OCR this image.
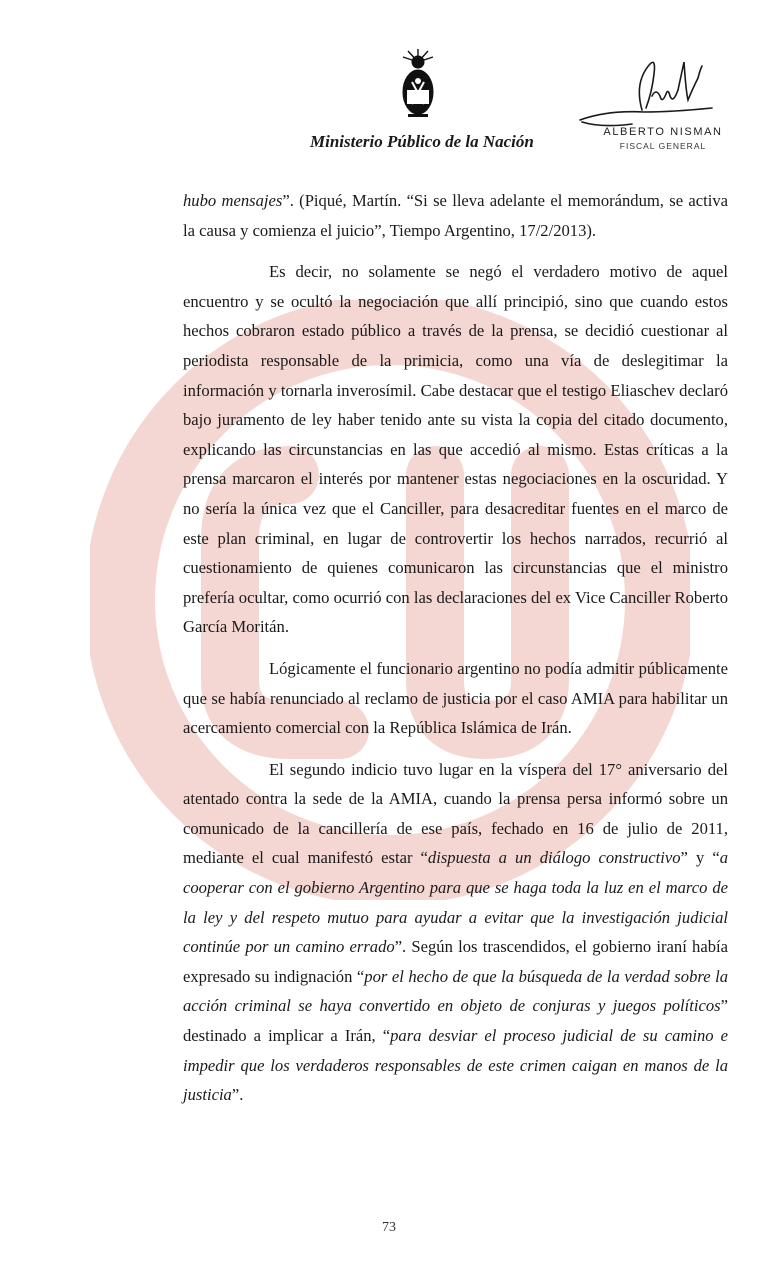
Ministerio Público de la Nación	ALBERTO NISMAN
FISCAL GENERAL

hubo mensajes”. (Piqué, Martín. “Si se lleva adelante el memorándum, se activa la causa y comienza el juicio”, Tiempo Argentino, 17/2/2013).

Es decir, no solamente se negó el verdadero motivo de aquel encuentro y se ocultó la negociación que allí principió, sino que cuando estos hechos cobraron estado público a través de la prensa, se decidió cuestionar al periodista responsable de la primicia, como una vía de deslegitimar la información y tornarla inverosímil. Cabe destacar que el testigo Eliaschev declaró bajo juramento de ley haber tenido ante su vista la copia del citado documento, explicando las circunstancias en las que accedió al mismo. Estas críticas a la prensa marcaron el interés por mantener estas negociaciones en la oscuridad. Y no sería la única vez que el Canciller, para desacreditar fuentes en el marco de este plan criminal, en lugar de controvertir los hechos narrados, recurrió al cuestionamiento de quienes comunicaron las circunstancias que el ministro prefería ocultar, como ocurrió con las declaraciones del ex Vice Canciller Roberto García Moritán.

Lógicamente el funcionario argentino no podía admitir públicamente que se había renunciado al reclamo de justicia por el caso AMIA para habilitar un acercamiento comercial con la República Islámica de Irán.

El segundo indicio tuvo lugar en la víspera del 17° aniversario del atentado contra la sede de la AMIA, cuando la prensa persa informó sobre un comunicado de la cancillería de ese país, fechado en 16 de julio de 2011, mediante el cual manifestó estar “dispuesta a un diálogo constructivo” y “a cooperar con el gobierno Argentino para que se haga toda la luz en el marco de la ley y del respeto mutuo para ayudar a evitar que la investigación judicial continúe por un camino errado”. Según los trascendidos, el gobierno iraní había expresado su indignación “por el hecho de que la búsqueda de la verdad sobre la acción criminal se haya convertido en objeto de conjuras y juegos políticos” destinado a implicar a Irán, “para desviar el proceso judicial de su camino e impedir que los verdaderos responsables de este crimen caigan en manos de la justicia”.

73
